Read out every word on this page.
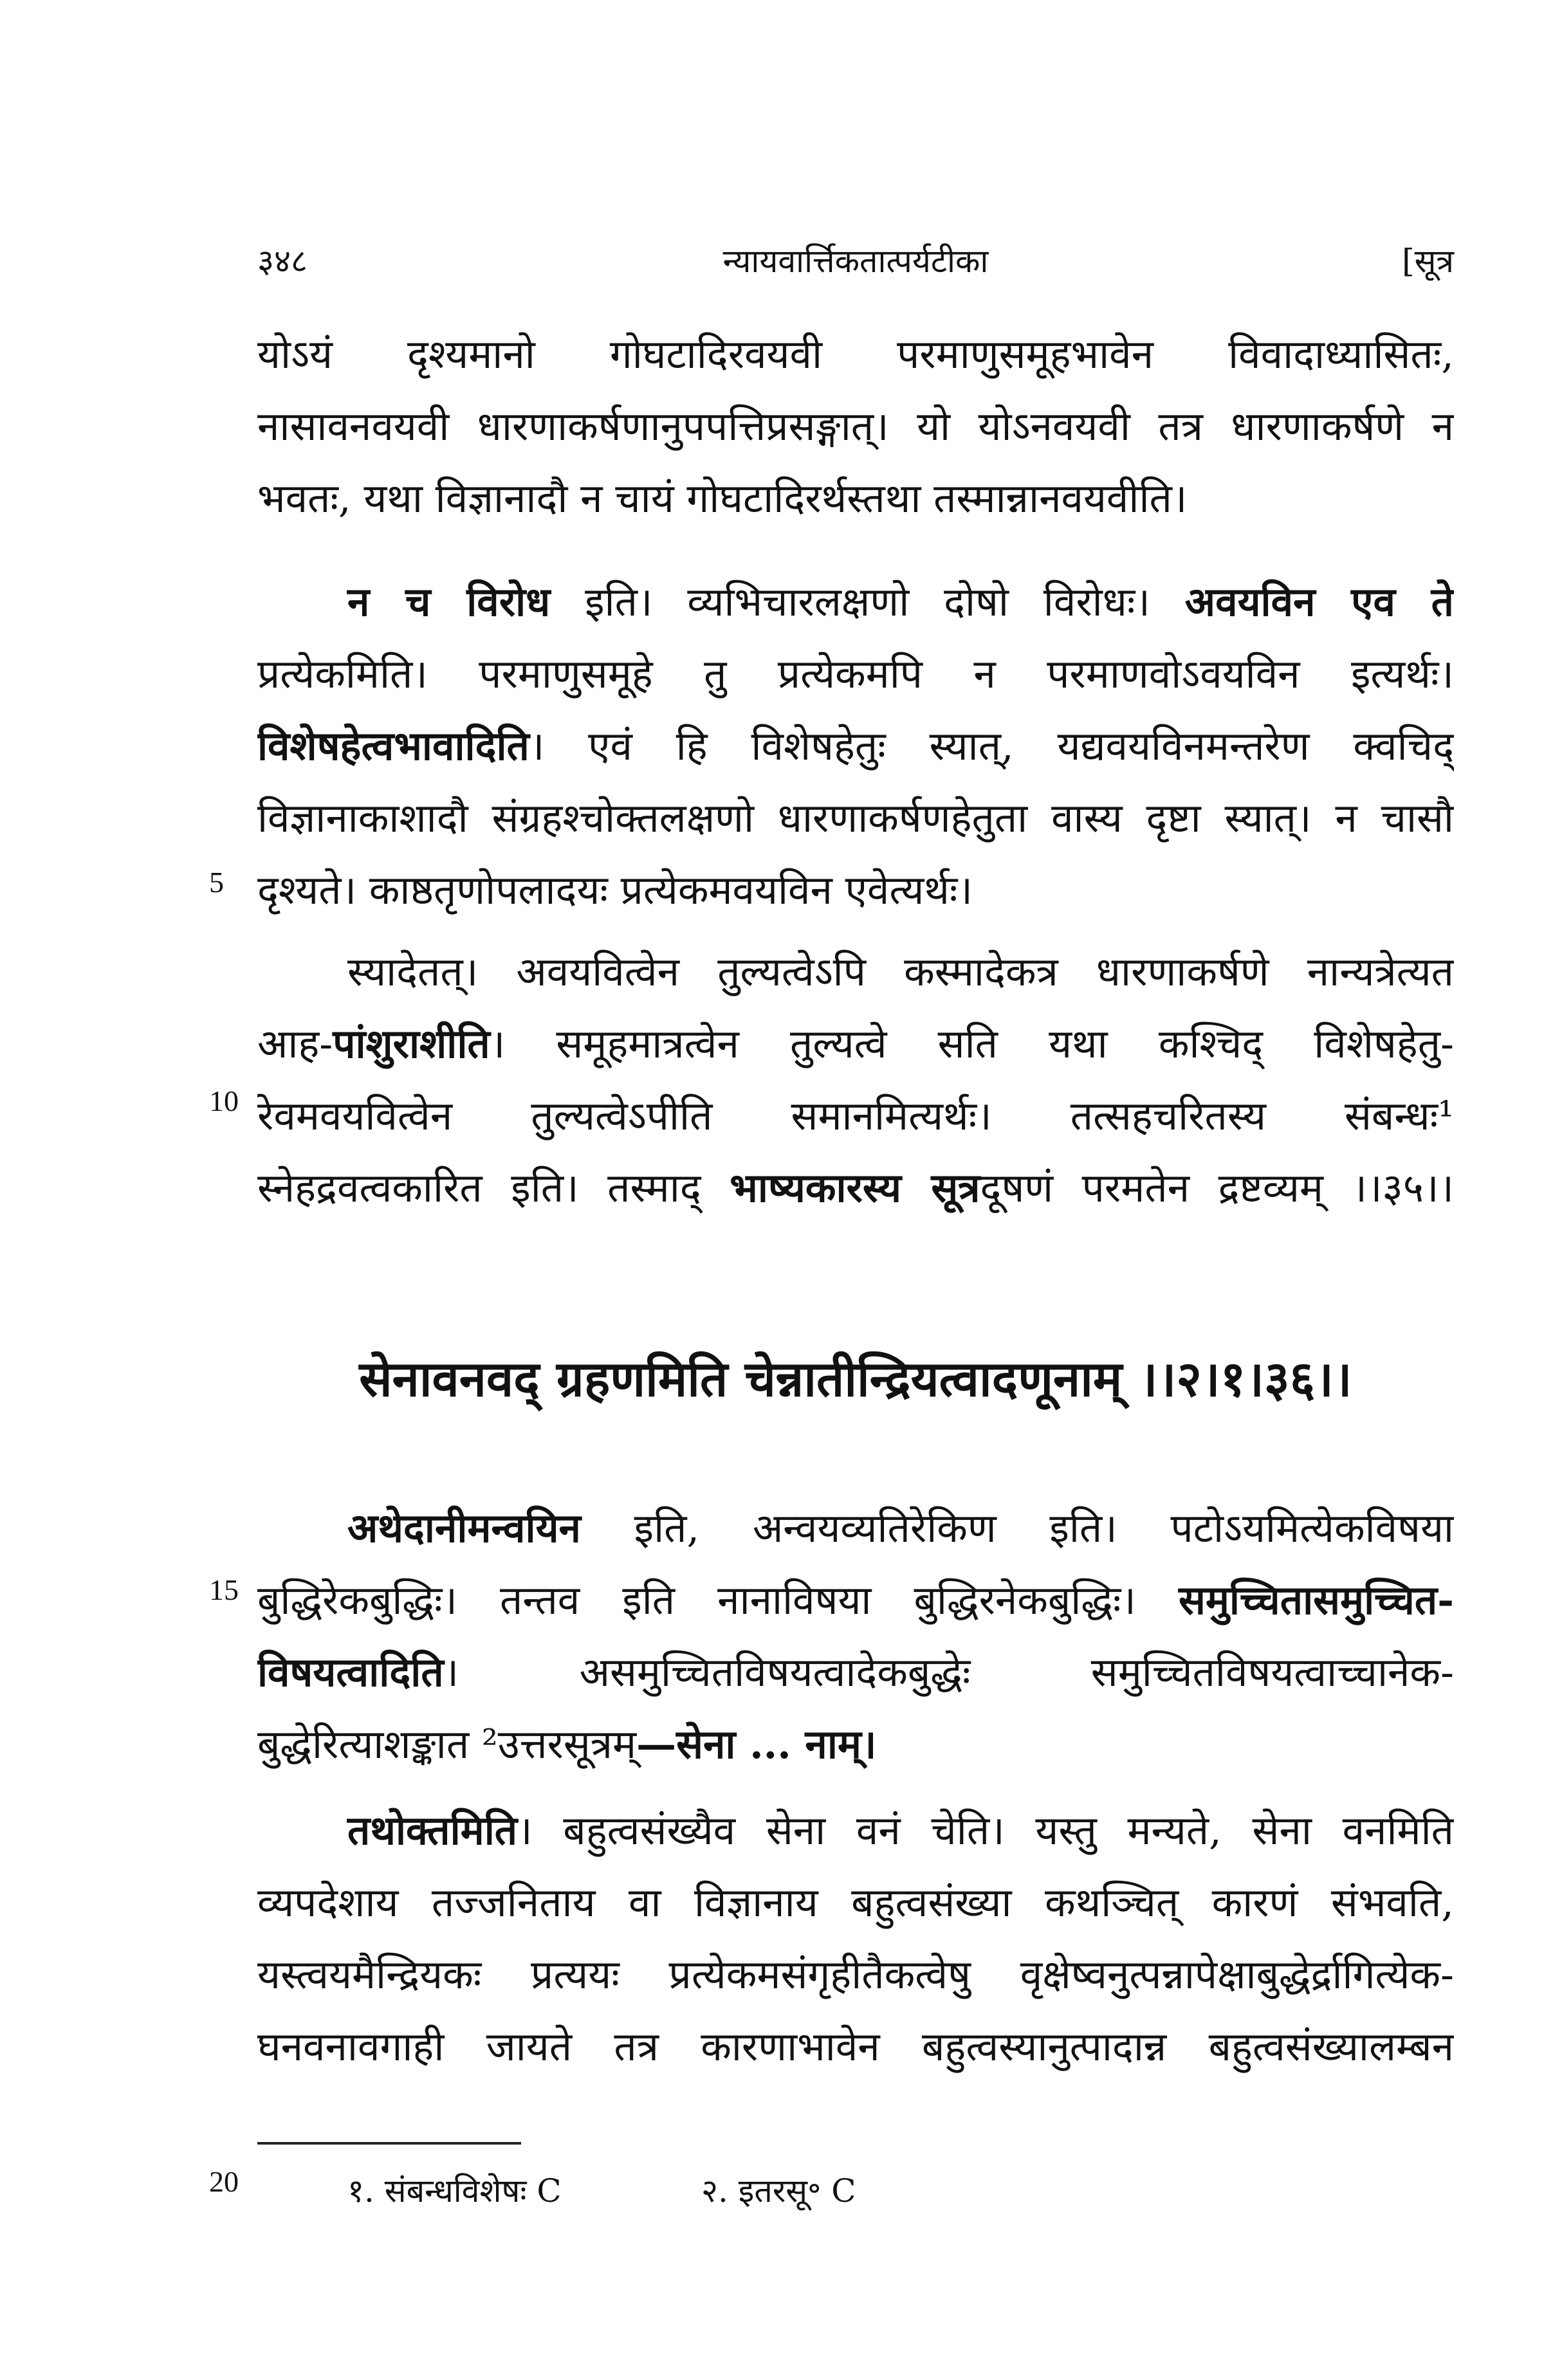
३४८	न्यायवार्त्तिकतात्पर्यटीका	[सूत्र
योऽयं दृश्यमानो गोघटादिरवयवी परमाणुसमूहभावेन विवादाध्यासितः,
नासावनवयवी धारणाकर्षणानुपपत्तिप्रसङ्गात्। यो योऽनवयवी तत्र धारणाकर्षणे न
भवतः, यथा विज्ञानादौ न चायं गोघटादिरर्थस्तथा तस्मान्नानवयवीति।
न च विरोध इति। व्यभिचारलक्षणो दोषो विरोधः। अवयविन एव ते
प्रत्येकमिति। परमाणुसमूहे तु प्रत्येकमपि न परमाणवोऽवयविन इत्यर्थः।
विशेषहेत्वभावादिति। एवं हि विशेषहेतुः स्यात्, यद्यवयविनमन्तरेण क्वचिद्
विज्ञानाकाशादौ संग्रहश्चोक्तलक्षणो धारणाकर्षणहेतुता वास्य दृष्टा स्यात्। न चासौ
दृश्यते। काष्ठतृणोपलादयः प्रत्येकमवयविन एवेत्यर्थः।
स्यादेतत्। अवयवित्वेन तुल्यत्वेऽपि कस्मादेकत्र धारणाकर्षणे नान्यत्रेत्यत
आह-पांशुराशीति। समूहमात्रत्वेन तुल्यत्वे सति यथा कश्चिद् विशेषहेतु-
रेवमवयवित्वेन तुल्यत्वेऽपीति समानमित्यर्थः। तत्सहचरितस्य संबन्धः¹
स्नेहद्रवत्वकारित इति। तस्माद् भाष्यकारस्य सूत्रदूषणं परमतेन द्रष्टव्यम् ।।३५।।
सेनावनवद् ग्रहणमिति चेन्नातीन्द्रियत्वादणूनाम् ।।२।१।३६।।
अथेदानीमन्वयिन इति, अन्वयव्यतिरेकिण इति। पटोऽयमित्येकविषया
बुद्धिरेकबुद्धिः। तन्तव इति नानाविषया बुद्धिरनेकबुद्धिः। समुच्चितासमुच्चित-
विषयत्वादिति। असमुच्चितविषयत्वादेकबुद्धेः समुच्चितविषयत्वाच्चानेक-
बुद्धेरित्याशङ्कात ²उत्तरसूत्रम्—सेना ... नाम्।
तथोक्तमिति। बहुत्वसंख्यैव सेना वनं चेति। यस्तु मन्यते, सेना वनमिति
व्यपदेशाय तज्जनिताय वा विज्ञानाय बहुत्वसंख्या कथञ्चित् कारणं संभवति,
यस्त्वयमैन्द्रियकः प्रत्ययः प्रत्येकमसंगृहीतैकत्वेषु वृक्षेष्वनुत्पन्नापेक्षाबुद्धेर्द्रागित्येक-
घनवनावगाही जायते तत्र कारणाभावेन बहुत्वस्यानुत्पादान्न बहुत्वसंख्यालम्बन
5
10
15
20	१. संबन्धविशेषः C	२. इतरसू॰ C
